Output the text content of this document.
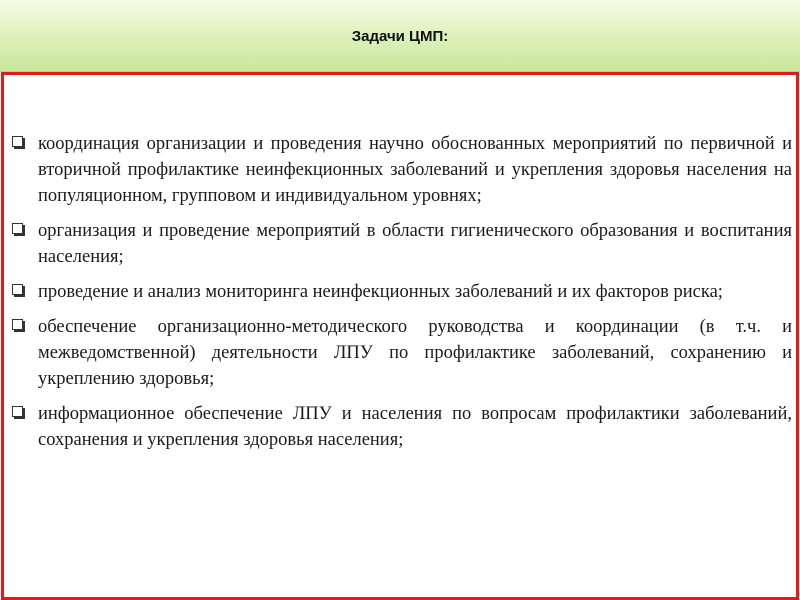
Задачи ЦМП:
координация организации и проведения научно обоснованных мероприятий по первичной и вторичной профилактике неинфекционных заболеваний и укрепления здоровья населения на популяционном, групповом и индивидуальном уровнях;
организация и проведение мероприятий в области гигиенического образования и воспитания населения;
проведение и анализ мониторинга неинфекционных заболеваний и их факторов риска;
обеспечение организационно-методического руководства и координации (в т.ч. и межведомственной) деятельности ЛПУ по профилактике заболеваний, сохранению и укреплению здоровья;
информационное обеспечение ЛПУ и населения по вопросам профилактики заболеваний, сохранения и укрепления здоровья населения;
